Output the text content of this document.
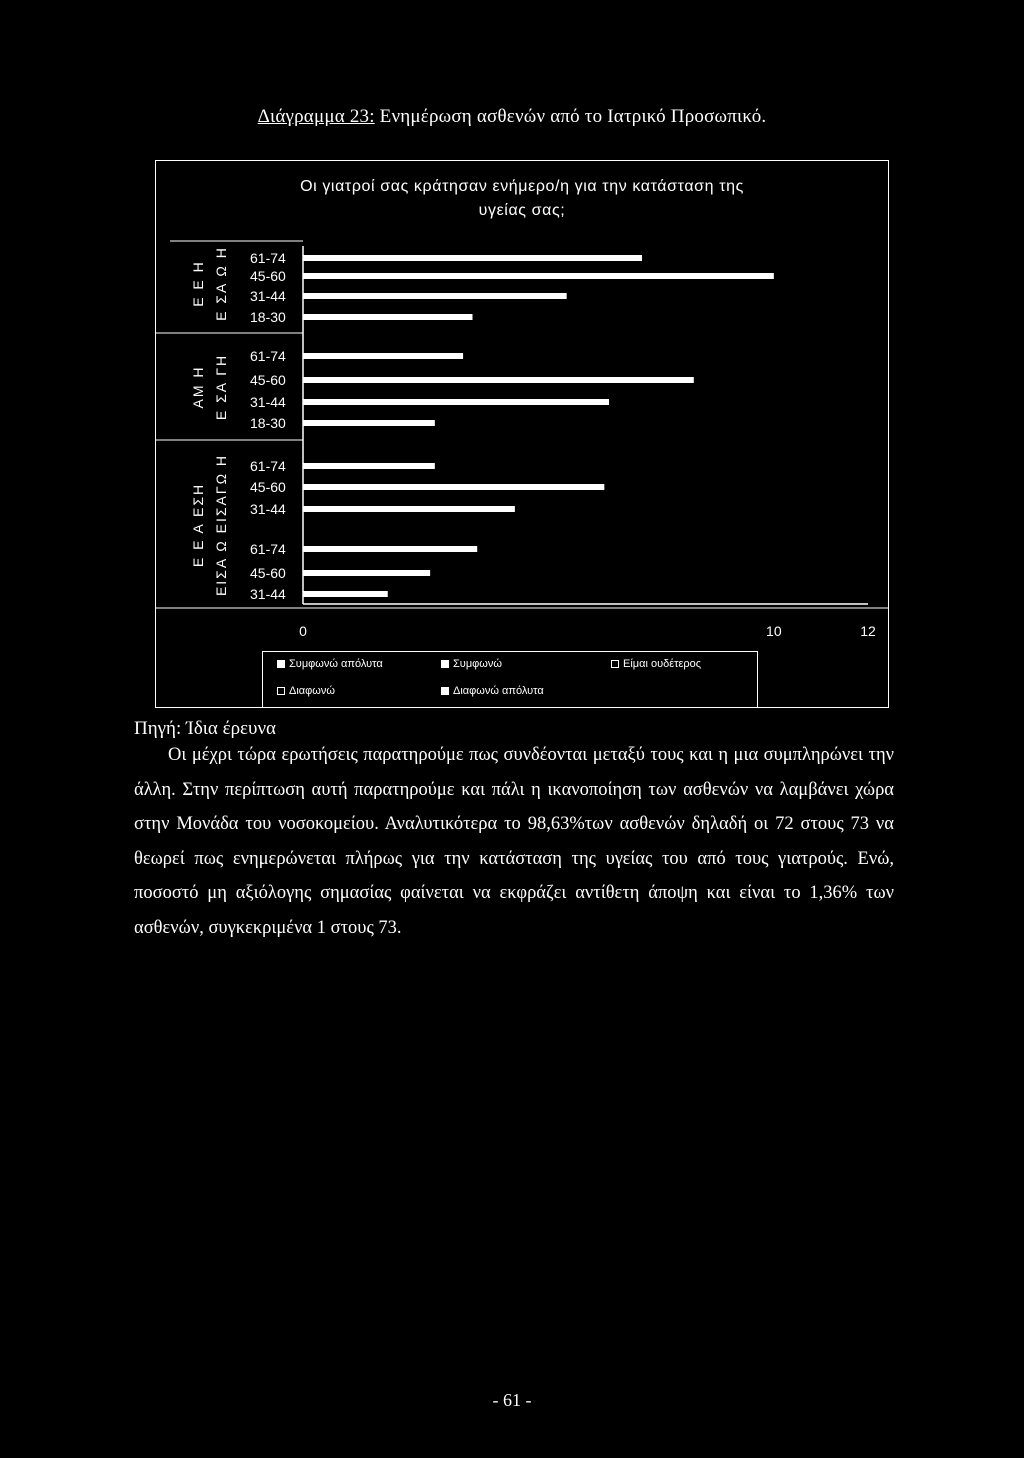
Διάγραμμα 23: Ενημέρωση ασθενών από το Ιατρικό Προσωπικό.
Οι γιατροί σας κράτησαν ενήμερο/η για την κατάσταση της
υγείας σας;
Ε Ε Η Ε ΣΑ Ω Η 61-74
45-60
31-44
18-30
ΑΜ Η Ε ΣΑ ΓΗ 61-74
45-60
31-44
18-30
Ε Ε Α ΕΣΗ ΕΙΣΑ Ω ΕΙΣΑΓΩ Η 61-74
45-60
31-44
61-74
45-60
31-44
0	10	12
Συμφωνώ απόλυτα	Συμφωνώ	Είμαι ουδέτερος
Διαφωνώ	Διαφωνώ απόλυτα
Πηγή: Ίδια έρευνα
Οι μέχρι τώρα ερωτήσεις παρατηρούμε πως συνδέονται μεταξύ τους και η μια συμπληρώνει την άλλη. Στην περίπτωση αυτή παρατηρούμε και πάλι η ικανοποίηση των ασθενών να λαμβάνει χώρα στην Μονάδα του νοσοκομείου. Αναλυτικότερα το 98,63%των ασθενών δηλαδή οι 72 στους 73 να θεωρεί πως ενημερώνεται πλήρως για την κατάσταση της υγείας του από τους γιατρούς. Ενώ, ποσοστό μη αξιόλογης σημασίας φαίνεται να εκφράζει αντίθετη άποψη και είναι το 1,36% των ασθενών, συγκεκριμένα 1 στους 73.
- 61 -
